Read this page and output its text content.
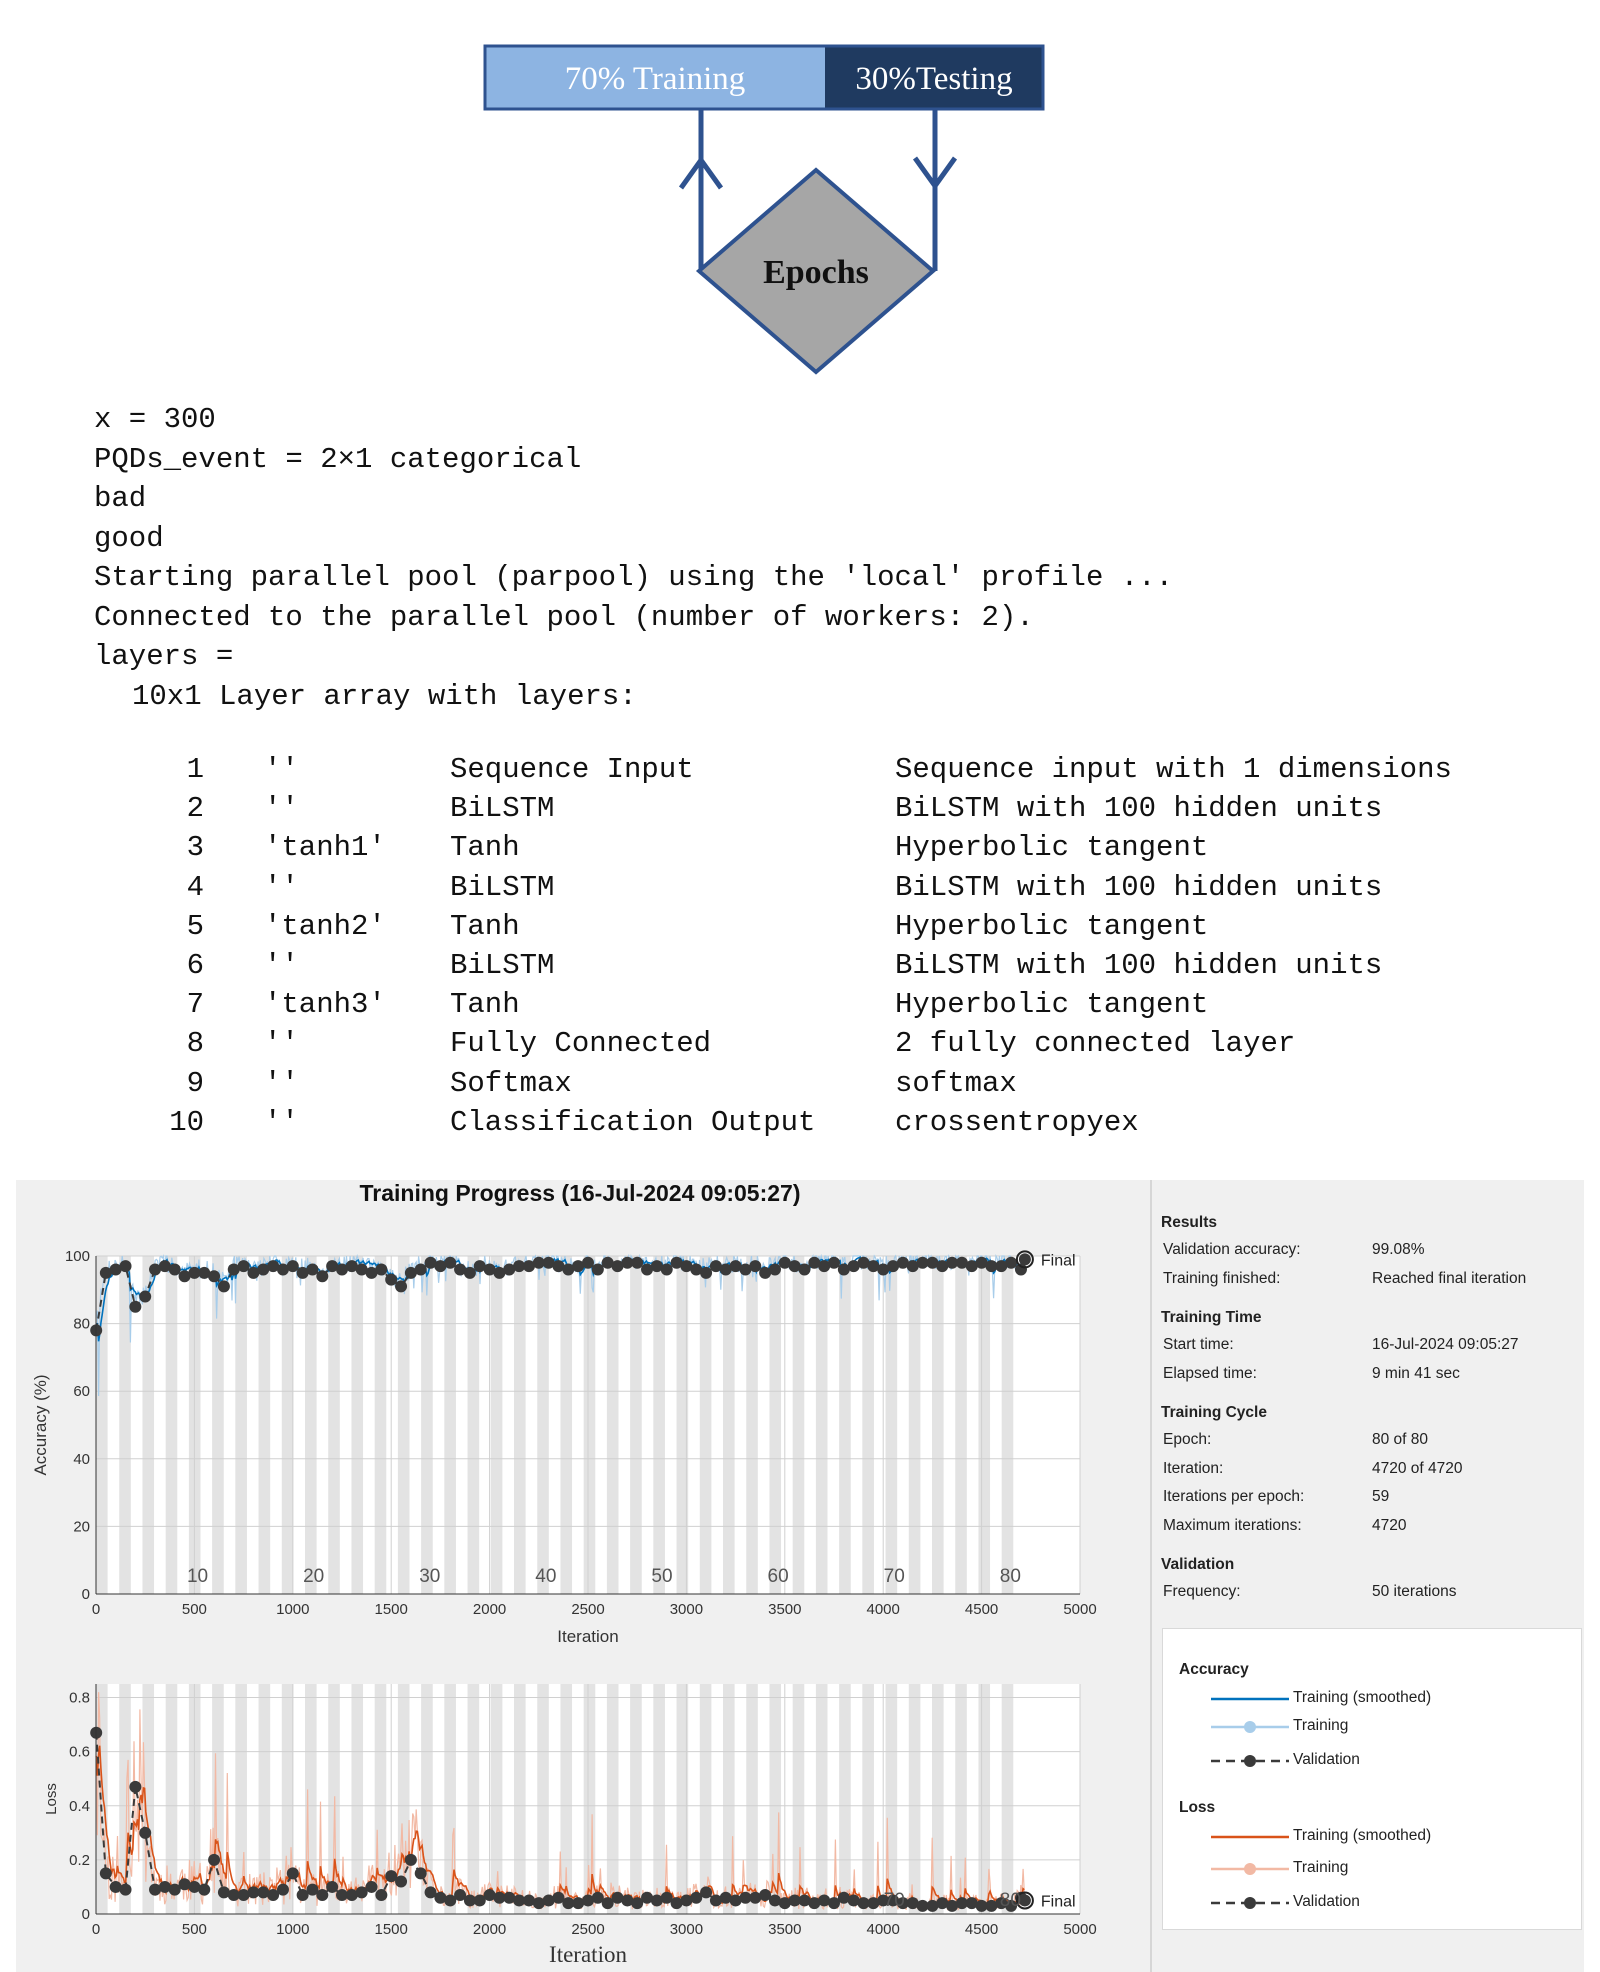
70% Training	30%Testing
Epochs
x = 300
PQDs_event = 2×1 categorical
bad
good
Starting parallel pool (parpool) using the 'local' profile ...
Connected to the parallel pool (number of workers: 2).
layers =
10x1 Layer array with layers:
1 ''	Sequence Input	Sequence input with 1 dimensions
2 ''	BiLSTM	BiLSTM with 100 hidden units
3 'tanh1' Tanh	Hyperbolic tangent
4 ''	BiLSTM	BiLSTM with 100 hidden units
5 'tanh2' Tanh	Hyperbolic tangent
6 ''	BiLSTM	BiLSTM with 100 hidden units
7 'tanh3' Tanh	Hyperbolic tangent
8 ''	Fully Connected	2 fully connected layer
9 ''	Softmax	softmax
10 ''	Classification Output	crossentropyex
Final
10	20	30	40	50	60	70	80
0	500	1000	1500	2000	2500	3000	3500	4000	4500	5000
0
20
40
60
80
100
Iteration
Accuracy (%)
Final
70	80
0	500	1000	1500	2000	2500	3000	3500	4000	4500	5000
0
0.2
0.4
0.6
0.8
Iteration
Loss
Training Progress (16-Jul-2024 09:05:27)
Results
Validation accuracy:	99.08%
Training finished:	Reached final iteration
Training Time
Start time:	16-Jul-2024 09:05:27
Elapsed time:	9 min 41 sec
Training Cycle
Epoch:	80 of 80
Iteration:	4720 of 4720
Iterations per epoch:	59
Maximum iterations:	4720
Validation
Frequency:	50 iterations
Accuracy
Training (smoothed)
Training
Validation
Loss
Training (smoothed)
Training
Validation
